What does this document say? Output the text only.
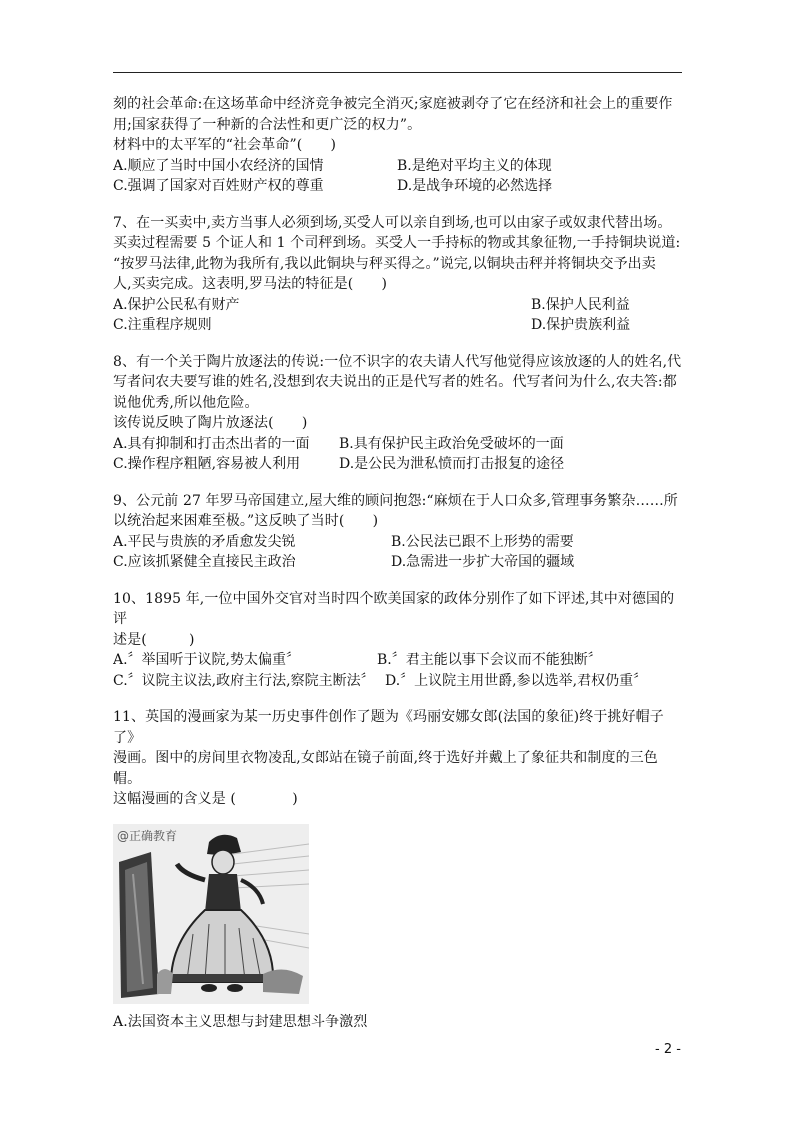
刻的社会革命:在这场革命中经济竞争被完全消灭;家庭被剥夺了它在经济和社会上的重要作

用;国家获得了一种新的合法性和更广泛的权力”。

材料中的太平军的“社会革命”(　　)

A.顺应了当时中国小农经济的国情	B.是绝对平均主义的体现
C.强调了国家对百姓财产权的尊重	D.是战争环境的必然选择

7、在一买卖中,卖方当事人必须到场,买受人可以亲自到场,也可以由家子或奴隶代替出场。

买卖过程需要 5 个证人和 1 个司秤到场。买受人一手持标的物或其象征物,一手持铜块说道:

“按罗马法律,此物为我所有,我以此铜块与秤买得之。”说完,以铜块击秤并将铜块交予出卖

人,买卖完成。这表明,罗马法的特征是(　　)

A.保护公民私有财产	B.保护人民利益
C.注重程序规则	D.保护贵族利益

8、有一个关于陶片放逐法的传说:一位不识字的农夫请人代写他觉得应该放逐的人的姓名,代

写者问农夫要写谁的姓名,没想到农夫说出的正是代写者的姓名。代写者问为什么,农夫答:都

说他优秀,所以他危险。

该传说反映了陶片放逐法(　　)

A.具有抑制和打击杰出者的一面	B.具有保护民主政治免受破坏的一面
C.操作程序粗陋,容易被人利用	D.是公民为泄私愤而打击报复的途径

9、公元前 27 年罗马帝国建立,屋大维的顾问抱怨:“麻烦在于人口众多,管理事务繁杂……所

以统治起来困难至极。”这反映了当时(　　)

A.平民与贵族的矛盾愈发尖锐	B.公民法已跟不上形势的需要
C.应该抓紧健全直接民主政治	D.急需进一步扩大帝国的疆域

10、1895 年,一位中国外交官对当时四个欧美国家的政体分别作了如下评述,其中对德国的评

述是(　　　)

A.〞举国听于议院,势太偏重〞	B.〞君主能以事下会议而不能独断〞
C.〞议院主议法,政府主行法,察院主断法〞 D.〞上议院主用世爵,参以选举,君权仍重〞

11、英国的漫画家为某一历史事件创作了题为《玛丽安娜女郎(法国的象征)终于挑好帽子了》

漫画。图中的房间里衣物凌乱,女郎站在镜子前面,终于选好并戴上了象征共和制度的三色帽。

这幅漫画的含义是 (　　　　)

@正确教育

A.法国资本主义思想与封建思想斗争激烈

- 2 -
